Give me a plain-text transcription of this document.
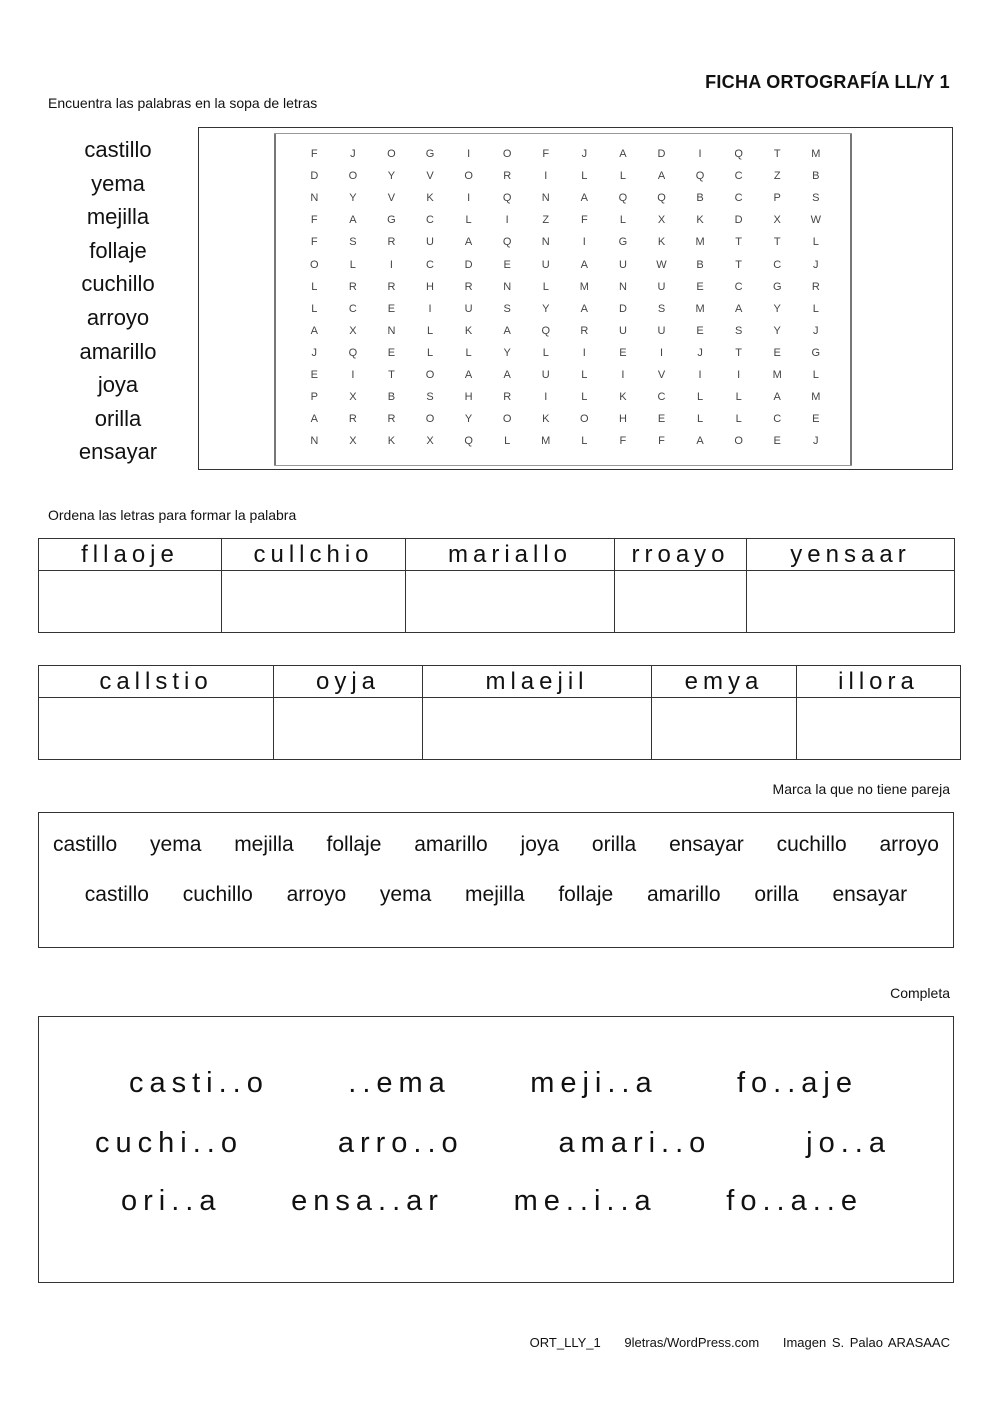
FICHA ORTOGRAFÍA LL/Y 1
Encuentra las palabras en la sopa de letras
castillo
yema
mejilla
follaje
cuchillo
arroyo
amarillo
joya
orilla
ensayar
F	J	O	G	I	O	F	J	A	D	I	Q	T	M
D	O	Y	V	O	R	I	L	L	A	Q	C	Z	B
N	Y	V	K	I	Q	N	A	Q	Q	B	C	P	S
F	A	G	C	L	I	Z	F	L	X	K	D	X	W
F	S	R	U	A	Q	N	I	G	K	M	T	T	L
O	L	I	C	D	E	U	A	U	W	B	T	C	J
L	R	R	H	R	N	L	M	N	U	E	C	G	R
L	C	E	I	U	S	Y	A	D	S	M	A	Y	L
A	X	N	L	K	A	Q	R	U	U	E	S	Y	J
J	Q	E	L	L	Y	L	I	E	I	J	T	E	G
E	I	T	O	A	A	U	L	I	V	I	I	M	L
P	X	B	S	H	R	I	L	K	C	L	L	A	M
A	R	R	O	Y	O	K	O	H	E	L	L	C	E
N	X	K	X	Q	L	M	L	F	F	A	O	E	J
Ordena las letras para formar la palabra
fllaoje	cullchio	mariallo	rroayo	yensaar

callstio	oyja	mlaejil	emya	illora

Marca la que no tiene pareja
castillo yema mejilla follaje amarillo joya orilla ensayar cuchillo arroyo
castillo cuchillo arroyo yema mejilla follaje amarillo orilla ensayar
Completa
casti..o	..ema	meji..a	fo..aje
cuchi..o	arro..o	amari..o	jo..a
ori..a ensa..ar me..i..a fo..a..e
ORT_LLY_1 9letras/WordPress.com Imagen S. Palao ARASAAC
